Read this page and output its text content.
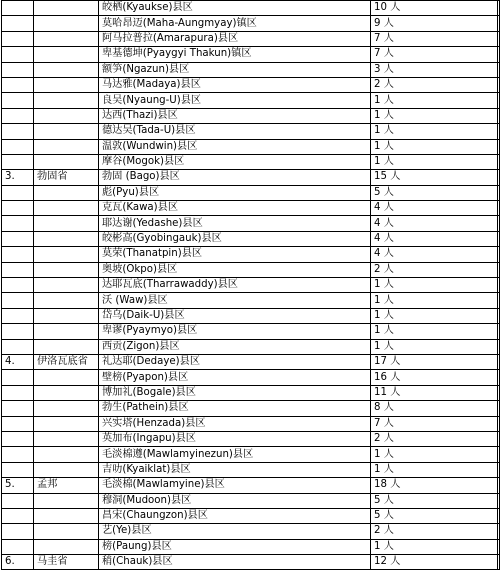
		皎栖(Kyaukse)县区	10 人	
		莫哈昂迈(Maha-Aungmyay)镇区	9 人	
		阿马拉普拉(Amarapura)县区	7 人	
		卑基德坤(Pyaygyi Thakun)镇区	7 人	
		额笋(Ngazun)县区	3 人	
		马达雅(Madaya)县区	2 人	
		良吴(Nyaung-U)县区	1 人	
		达西(Thazi)县区	1 人	
		德达吴(Tada-U)县区	1 人	
		温敦(Wundwin)县区	1 人	
		摩谷(Mogok)县区	1 人	
3.	勃固省	勃固 (Bago)县区	15 人	
		彪(Pyu)县区	5 人	
		克瓦(Kawa)县区	4 人	
		耶达谢(Yedashe)县区	4 人	
		皎彬高(Gyobingauk)县区	4 人	
		莫荣(Thanatpin)县区	4 人	
		奥坡(Okpo)县区	2 人	
		达耶瓦底(Tharrawaddy)县区	1 人	
		沃 (Waw)县区	1 人	
		岱乌(Daik-U)县区	1 人	
		卑谬(Pyaymyo)县区	1 人	
		西贡(Zigon)县区	1 人	
4.	伊洛瓦底省	礼达耶(Dedaye)县区	17 人	
		壁榜(Pyapon)县区	16 人	
		博加礼(Bogale)县区	11 人	
		勃生(Pathein)县区	8 人	
		兴实塔(Henzada)县区	7 人	
		英加布(Ingapu)县区	2 人	
		毛淡棉遵(Mawlamyinezun)县区	1 人	
		吉叻(Kyaiklat)县区	1 人	
5.	孟邦	毛淡棉(Mawlamyine)县区	18 人	
		穆洞(Mudoon)县区	5 人	
		昌宋(Chaungzon)县区	5 人	
		艺(Ye)县区	2 人	
		榜(Paung)县区	1 人	
6.	马圭省	稍(Chauk)县区	12 人	
